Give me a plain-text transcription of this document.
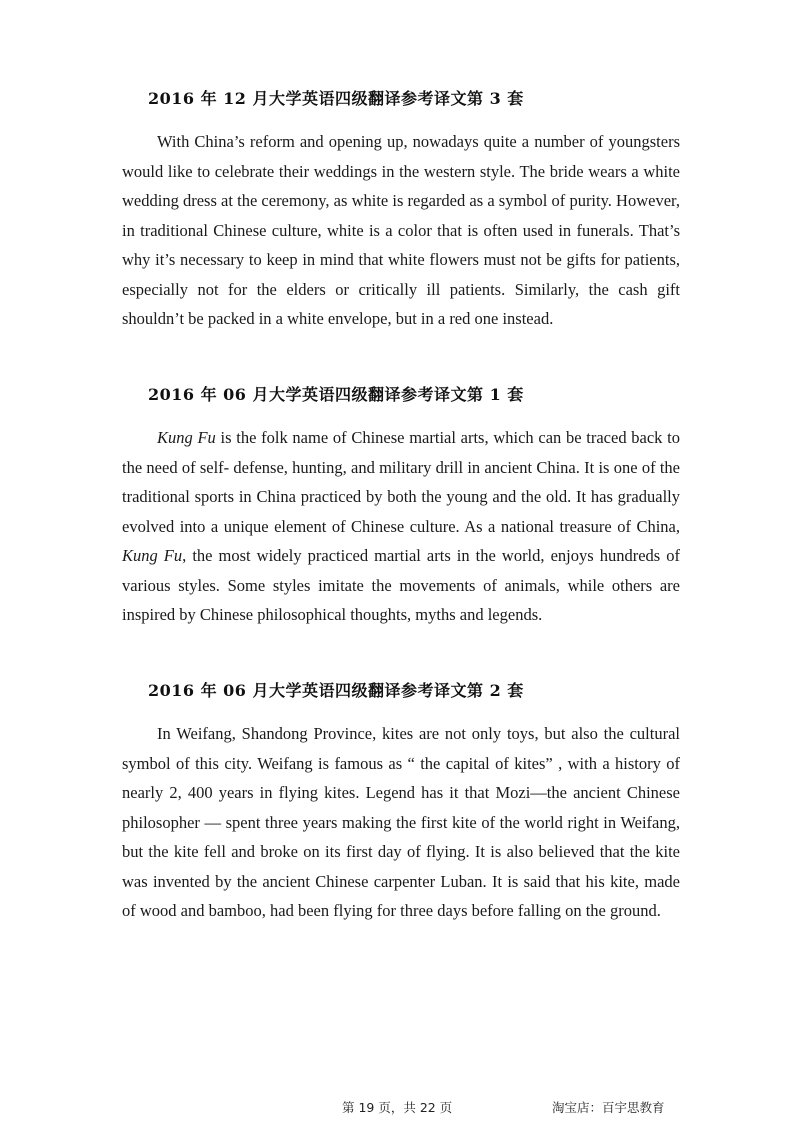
2016 年 12 月大学英语四级翻译参考译文第 3 套

With China’s reform and opening up, nowadays quite a number of youngsters would like to celebrate their weddings in the western style. The bride wears a white wedding dress at the ceremony, as white is regarded as a symbol of purity. However, in traditional Chinese culture, white is a color that is often used in funerals. That’s why it’s necessary to keep in mind that white flowers must not be gifts for patients, especially not for the elders or critically ill patients. Similarly, the cash gift shouldn’t be packed in a white envelope, but in a red one instead.

2016 年 06 月大学英语四级翻译参考译文第 1 套

Kung Fu is the folk name of Chinese martial arts, which can be traced back to the need of self- defense, hunting, and military drill in ancient China. It is one of the traditional sports in China practiced by both the young and the old. It has gradually evolved into a unique element of Chinese culture. As a national treasure of China, Kung Fu, the most widely practiced martial arts in the world, enjoys hundreds of various styles. Some styles imitate the movements of animals, while others are inspired by Chinese philosophical thoughts, myths and legends.

2016 年 06 月大学英语四级翻译参考译文第 2 套

In Weifang, Shandong Province, kites are not only toys, but also the cultural symbol of this city. Weifang is famous as “ the capital of kites” , with a history of nearly 2, 400 years in flying kites. Legend has it that Mozi—the ancient Chinese philosopher — spent three years making the first kite of the world right in Weifang, but the kite fell and broke on its first day of flying. It is also believed that the kite was invented by the ancient Chinese carpenter Luban. It is said that his kite, made of wood and bamboo, had been flying for three days before falling on the ground.

第 19 页，共 22 页	淘宝店：百宇思教育
